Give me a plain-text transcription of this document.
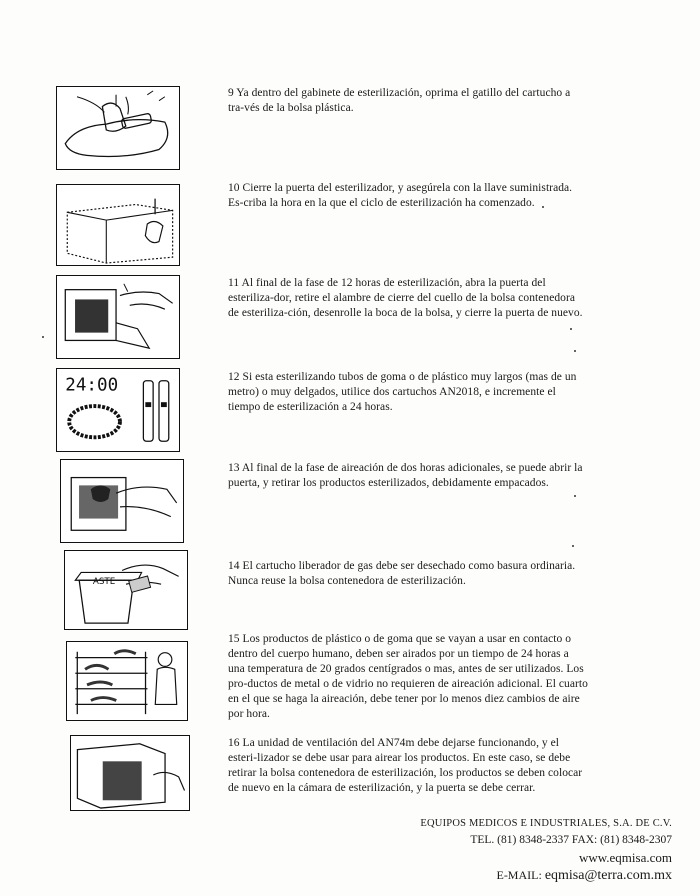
9 Ya dentro del gabinete de esterilización, oprima el gatillo del cartucho a tra-vés de la bolsa plástica.
10 Cierre la puerta del esterilizador, y asegúrela con la llave suministrada. Es-criba la hora en la que el ciclo de esterilización ha comenzado.
11 Al final de la fase de 12 horas de esterilización, abra la puerta del esteriliza-dor, retire el alambre de cierre del cuello de la bolsa contenedora de esteriliza-ción, desenrolle la boca de la bolsa, y cierre la puerta de nuevo.
24:00	12 Si esta esterilizando tubos de goma o de plástico muy largos (mas de un metro) o muy delgados, utilice dos cartuchos AN2018, e incremente el tiempo de esterilización a 24 horas.
13 Al final de la fase de aireación de dos horas adicionales, se puede abrir la puerta, y retirar los productos esterilizados, debidamente empacados.
ASTE
14 El cartucho liberador de gas debe ser desechado como basura ordinaria. Nunca reuse la bolsa contenedora de esterilización.
15 Los productos de plástico o de goma que se vayan a usar en contacto o dentro del cuerpo humano, deben ser airados por un tiempo de 24 horas a una temperatura de 20 grados centígrados o mas, antes de ser utilizados. Los pro-ductos de metal o de vidrio no requieren de aireación adicional. El cuarto en el que se haga la aireación, debe tener por lo menos diez cambios de aire por hora.
16 La unidad de ventilación del AN74m debe dejarse funcionando, y el esteri-lizador se debe usar para airear los productos. En este caso, se debe retirar la bolsa contenedora de esterilización, los productos se deben colocar de nuevo en la cámara de esterilización, y la puerta se debe cerrar.
EQUIPOS MEDICOS E INDUSTRIALES, S.A. DE C.V.
TEL. (81) 8348-2337 FAX: (81) 8348-2307
www.eqmisa.com
E-MAIL: eqmisa@terra.com.mx
